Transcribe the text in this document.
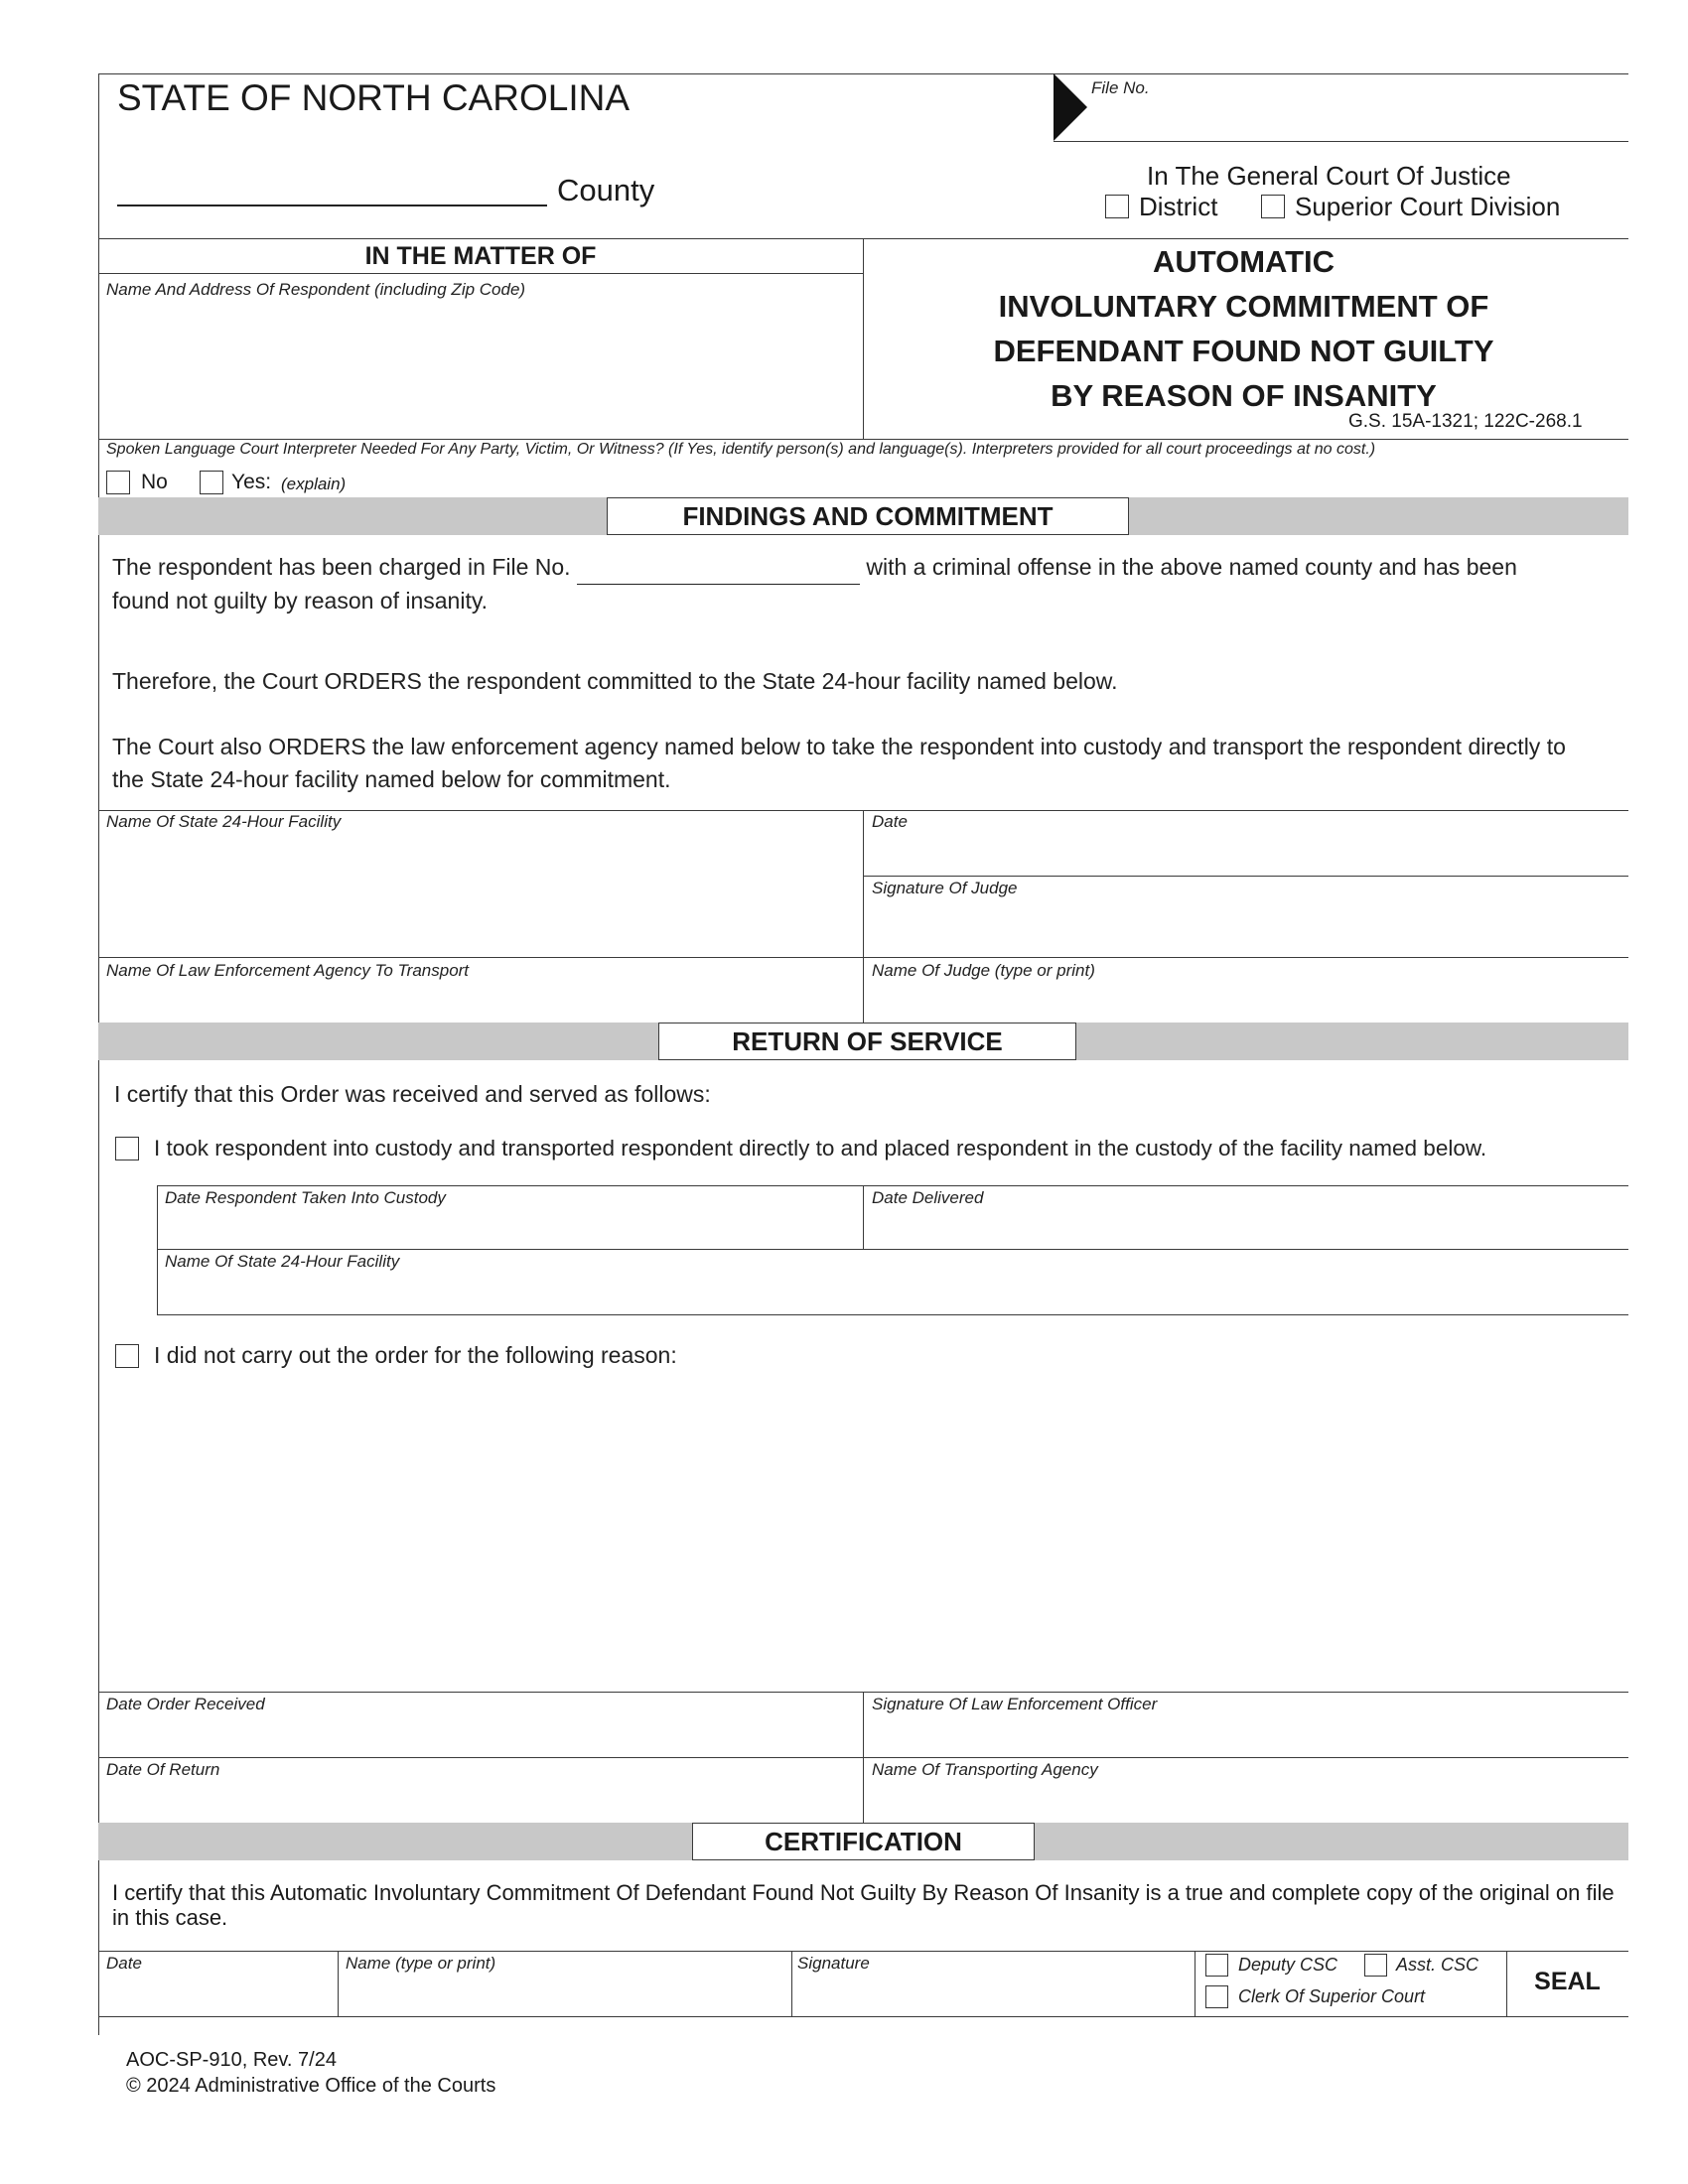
STATE OF NORTH CAROLINA
County
File No.
In The General Court Of Justice
District	Superior Court Division
IN THE MATTER OF
Name And Address Of Respondent (including Zip Code)
AUTOMATIC
INVOLUNTARY COMMITMENT OF
DEFENDANT FOUND NOT GUILTY
BY REASON OF INSANITY
G.S. 15A-1321; 122C-268.1
Spoken Language Court Interpreter Needed For Any Party, Victim, Or Witness? (If Yes, identify person(s) and language(s). Interpreters provided for all court proceedings at no cost.)
No	Yes: (explain)
FINDINGS AND COMMITMENT
The respondent has been charged in File No.	with a criminal offense in the above named county and has been
found not guilty by reason of insanity.
Therefore, the Court ORDERS the respondent committed to the State 24-hour facility named below.
The Court also ORDERS the law enforcement agency named below to take the respondent into custody and transport the respondent directly to the State 24-hour facility named below for commitment.
Name Of State 24-Hour Facility	Date
Signature Of Judge
Name Of Law Enforcement Agency To Transport	Name Of Judge (type or print)
RETURN OF SERVICE
I certify that this Order was received and served as follows:
I took respondent into custody and transported respondent directly to and placed respondent in the custody of the facility named below.
Date Respondent Taken Into Custody	Date Delivered
Name Of State 24-Hour Facility
I did not carry out the order for the following reason:
Date Order Received	Signature Of Law Enforcement Officer
Date Of Return	Name Of Transporting Agency
CERTIFICATION
I certify that this Automatic Involuntary Commitment Of Defendant Found Not Guilty By Reason Of Insanity is a true and complete copy of the original on file in this case.
Date	Name (type or print)	Signature	Deputy CSC	Asst. CSC
Clerk Of Superior Court
SEAL
AOC-SP-910, Rev. 7/24
© 2024 Administrative Office of the Courts
